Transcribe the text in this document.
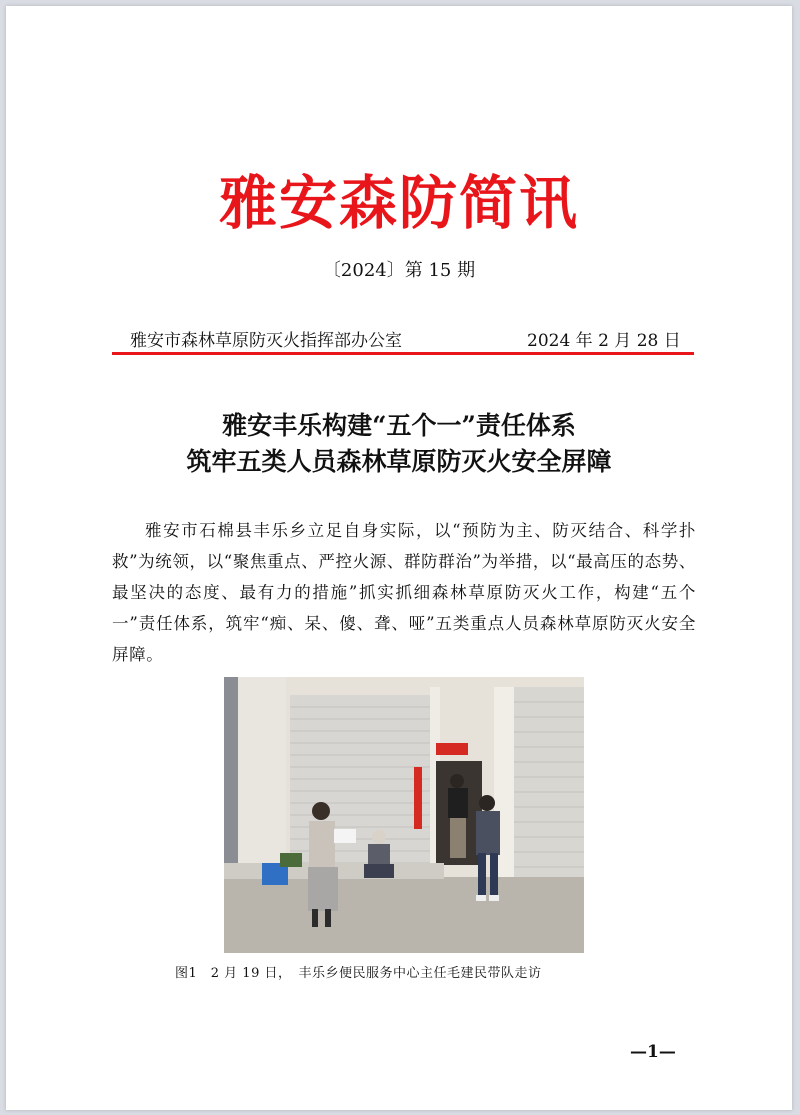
雅安森防简讯
〔2024〕第 15 期
雅安市森林草原防灭火指挥部办公室	2024 年 2 月 28 日
雅安丰乐构建“五个一”责任体系
筑牢五类人员森林草原防灭火安全屏障
雅安市石棉县丰乐乡立足自身实际，以“预防为主、防灭结合、科学扑救”为统领，以“聚焦重点、严控火源、群防群治”为举措，以“最高压的态势、最坚决的态度、最有力的措施”抓实抓细森林草原防灭火工作，构建“五个一”责任体系，筑牢“痴、呆、傻、聋、哑”五类重点人员森林草原防灭火安全屏障。
图1　2 月 19 日，　丰乐乡便民服务中心主任毛建民带队走访
—1—
